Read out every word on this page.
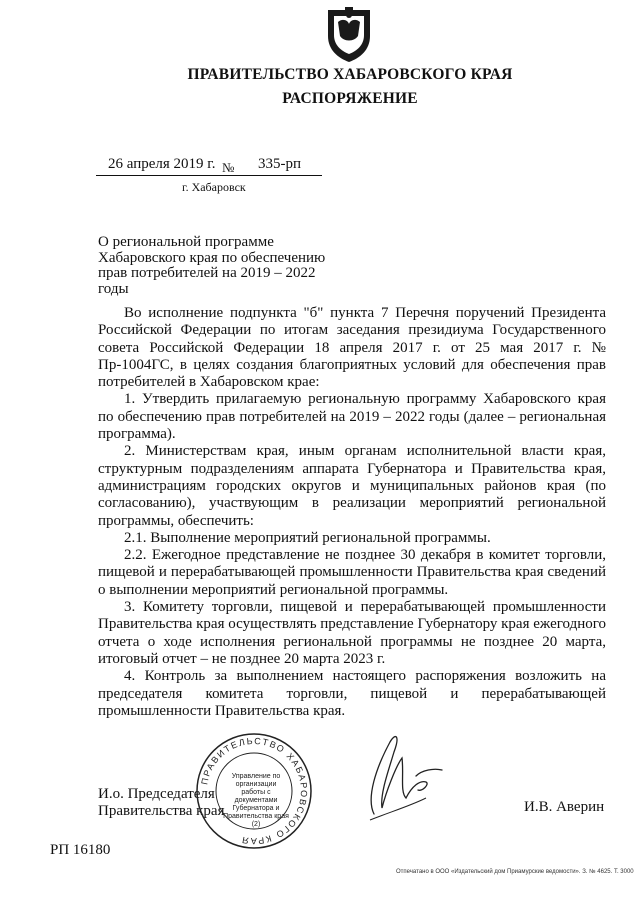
ПРАВИТЕЛЬСТВО ХАБАРОВСКОГО КРАЯ
РАСПОРЯЖЕНИЕ
26 апреля 2019 г. № 335-рп
г. Хабаровск
О региональной программе Хабаровского края по обеспечению прав потребителей на 2019 – 2022 годы

Во исполнение подпункта "б" пункта 7 Перечня поручений Президента Российской Федерации по итогам заседания президиума Государственного совета Российской Федерации 18 апреля 2017 г. от 25 мая 2017 г. № Пр-1004ГС, в целях создания благоприятных условий для обеспечения прав потребителей в Хабаровском крае:

1. Утвердить прилагаемую региональную программу Хабаровского края по обеспечению прав потребителей на 2019 – 2022 годы (далее – региональная программа).

2. Министерствам края, иным органам исполнительной власти края, структурным подразделениям аппарата Губернатора и Правительства края, администрациям городских округов и муниципальных районов края (по согласованию), участвующим в реализации мероприятий региональной программы, обеспечить:

2.1. Выполнение мероприятий региональной программы.

2.2. Ежегодное представление не позднее 30 декабря в комитет торговли, пищевой и перерабатывающей промышленности Правительства края сведений о выполнении мероприятий региональной программы.

3. Комитету торговли, пищевой и перерабатывающей промышленности Правительства края осуществлять представление Губернатору края ежегодного отчета о ходе исполнения региональной программы не позднее 20 марта, итоговый отчет – не позднее 20 марта 2023 г.

4. Контроль за выполнением настоящего распоряжения возложить на председателя комитета торговли, пищевой и перерабатывающей промышленности Правительства края.

И.о. Председателя
Правительства края
ПРАВИТЕЛЬСТВО ХАБАРОВСКОГО КРАЯ
Управление по организации работы с документами Губернатора и Правительства края (2)
И.В. Аверин
РП 16180
Отпечатано в ООО «Издательский дом Приамурские ведомости». З. № 4625. Т. 3000
